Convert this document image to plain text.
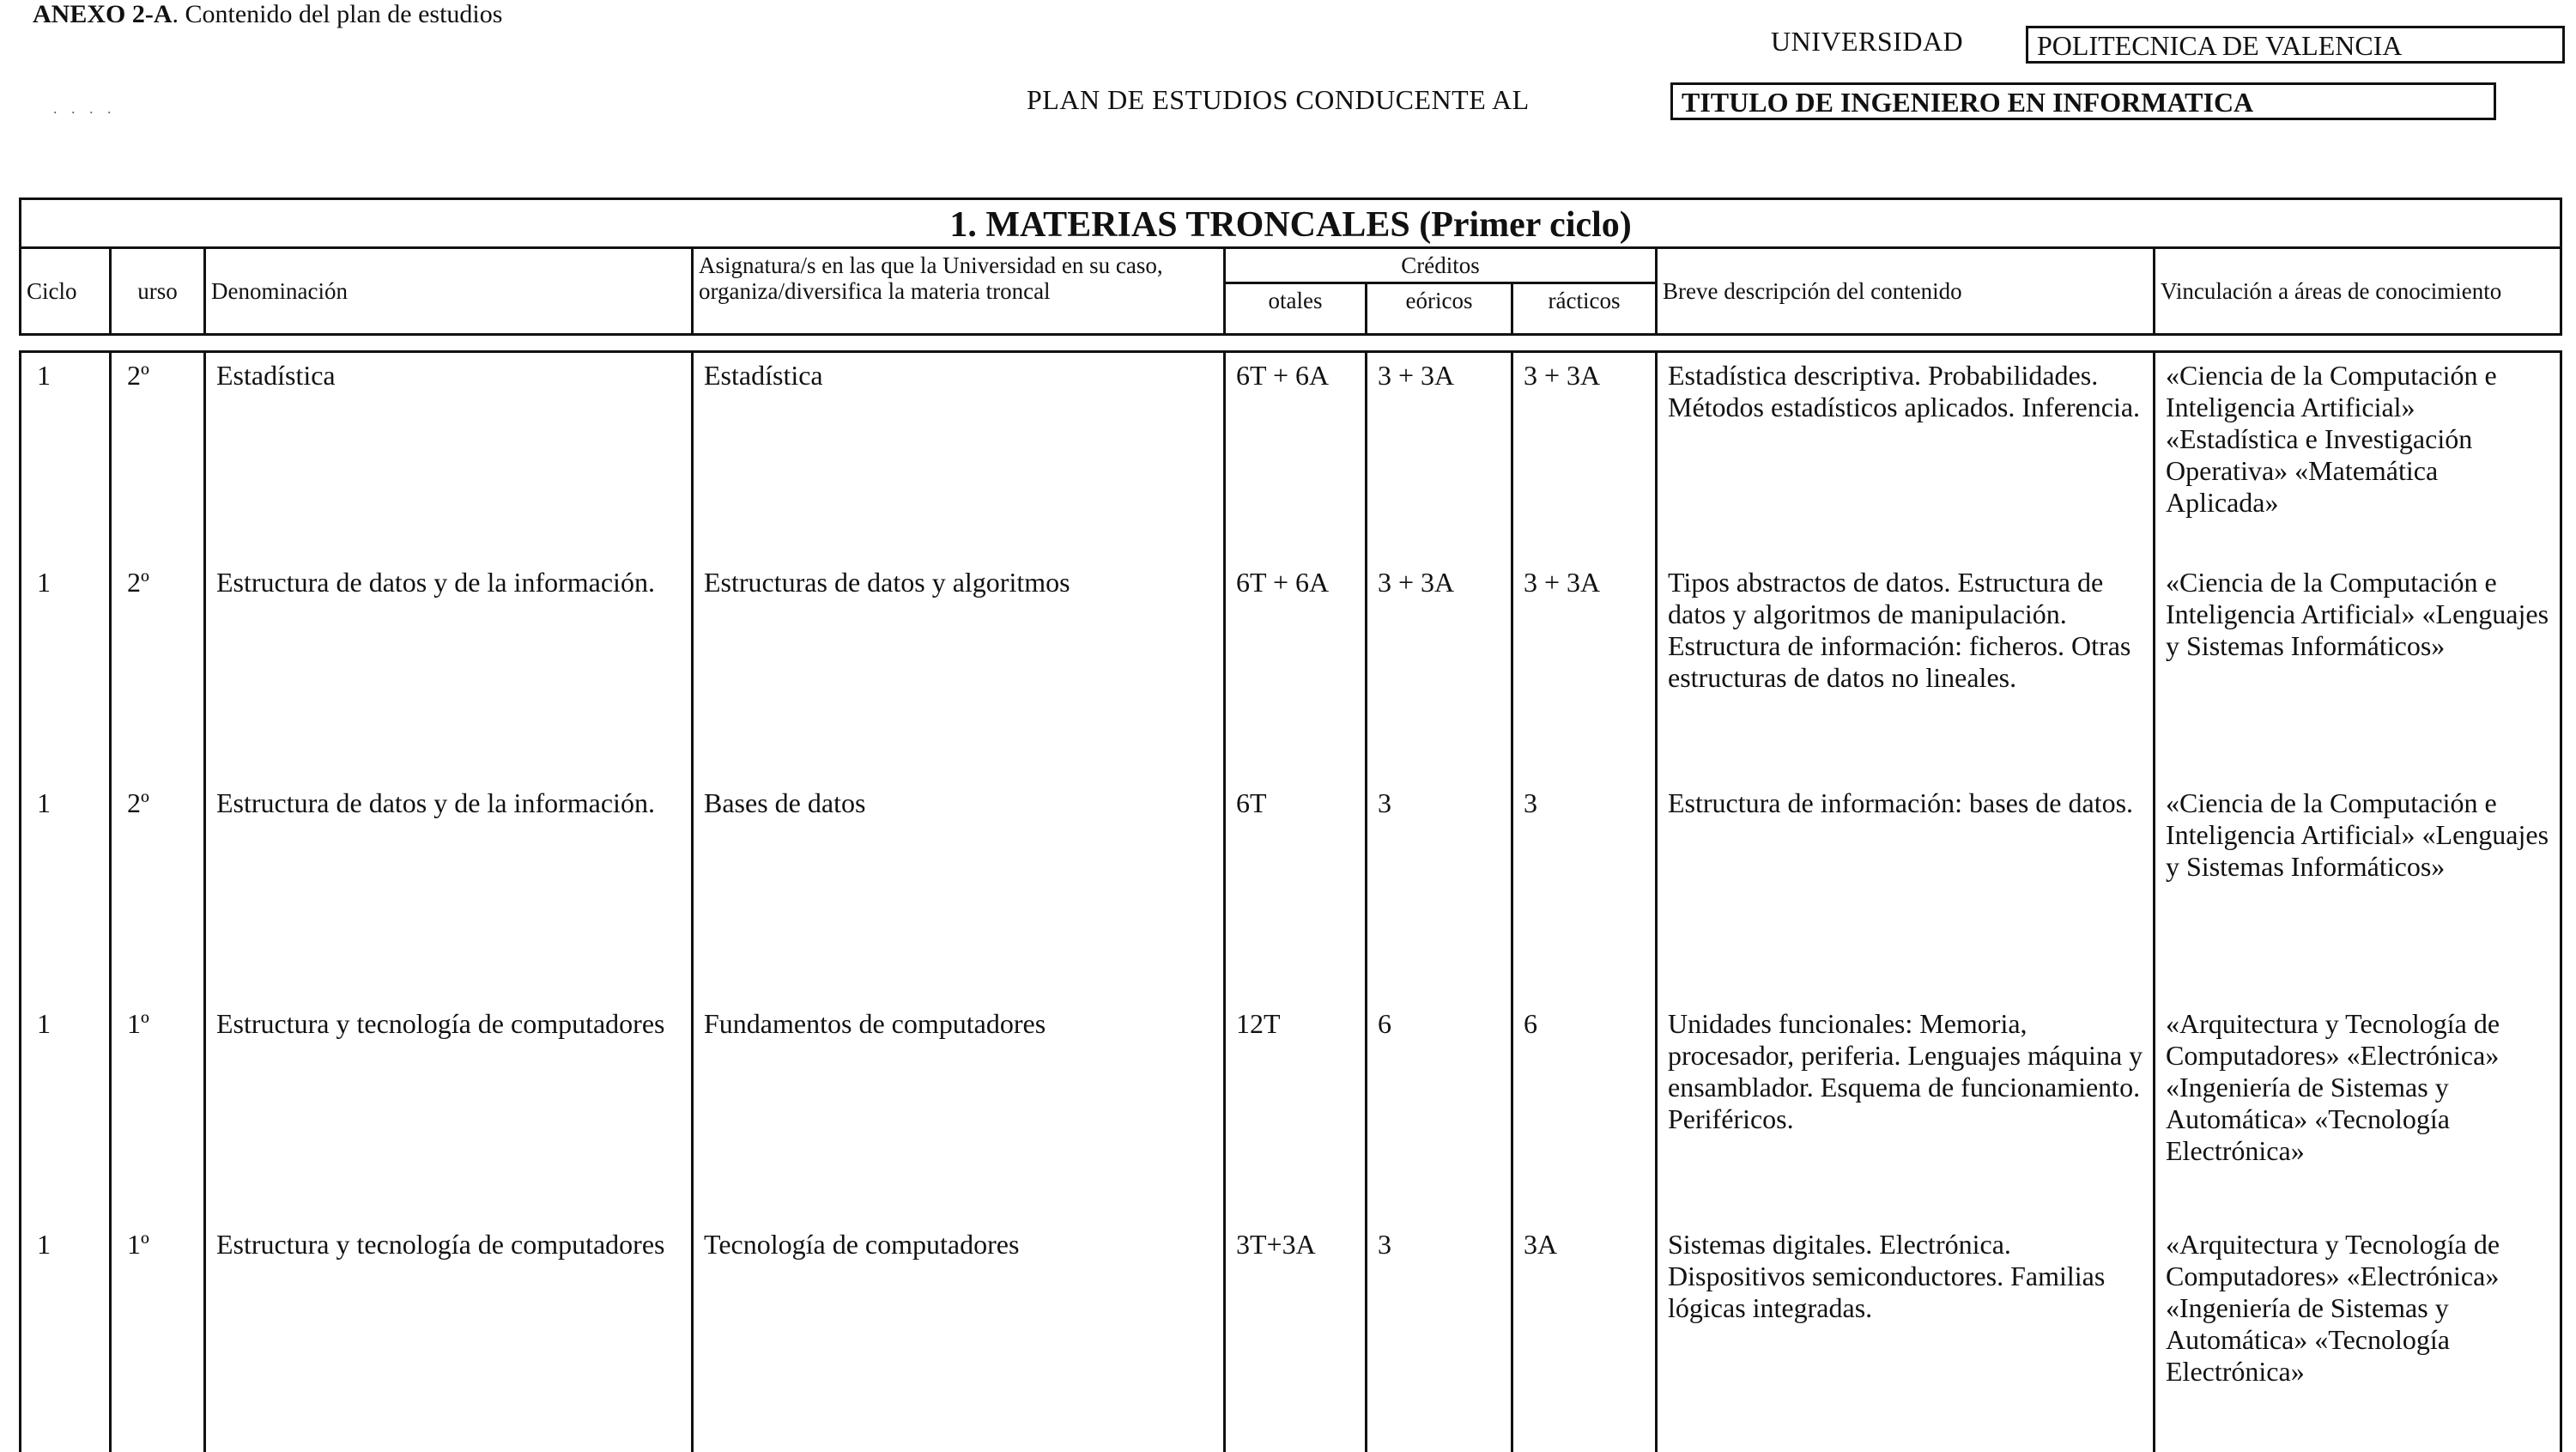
ANEXO 2-A. Contenido del plan de estudios
UNIVERSIDAD	POLITECNICA DE VALENCIA
PLAN DE ESTUDIOS CONDUCENTE AL	TITULO DE INGENIERO EN INFORMATICA
. . . .
1. MATERIAS TRONCALES (Primer ciclo)								
Ciclo	urso	Denominación	Asignatura/s en las que la Universidad en su caso, organiza/diversifica la materia troncal	Créditos			Breve descripción del contenido	Vinculación a áreas de conocimiento
				otales	eóricos	rácticos		
1	2º	Estadística	Estadística	6T + 6A	3 + 3A	3 + 3A	Estadística descriptiva. Probabilidades. Métodos estadísticos aplicados. Inferencia.	«Ciencia de la Computación e Inteligencia Artificial» «Estadística e Investigación Operativa» «Matemática Aplicada»
1	2º	Estructura de datos y de la información.	Estructuras de datos y algoritmos	6T + 6A	3 + 3A	3 + 3A	Tipos abstractos de datos. Estructura de datos y algoritmos de manipulación. Estructura de información: ficheros. Otras estructuras de datos no lineales.	«Ciencia de la Computación e Inteligencia Artificial» «Lenguajes y Sistemas Informáticos»
1	2º	Estructura de datos y de la información.	Bases de datos	6T	3	3	Estructura de información: bases de datos.	«Ciencia de la Computación e Inteligencia Artificial» «Lenguajes y Sistemas Informáticos»
1	1º	Estructura y tecnología de computadores	Fundamentos de computadores	12T	6	6	Unidades funcionales: Memoria, procesador, periferia. Lenguajes máquina y ensamblador. Esquema de funcionamiento. Periféricos.	«Arquitectura y Tecnología de Computadores» «Electrónica» «Ingeniería de Sistemas y Automática» «Tecnología Electrónica»
1	1º	Estructura y tecnología de computadores	Tecnología de computadores	3T+3A	3	3A	Sistemas digitales. Electrónica. Dispositivos semiconductores. Familias lógicas integradas.	«Arquitectura y Tecnología de Computadores» «Electrónica» «Ingeniería de Sistemas y Automática» «Tecnología Electrónica»
